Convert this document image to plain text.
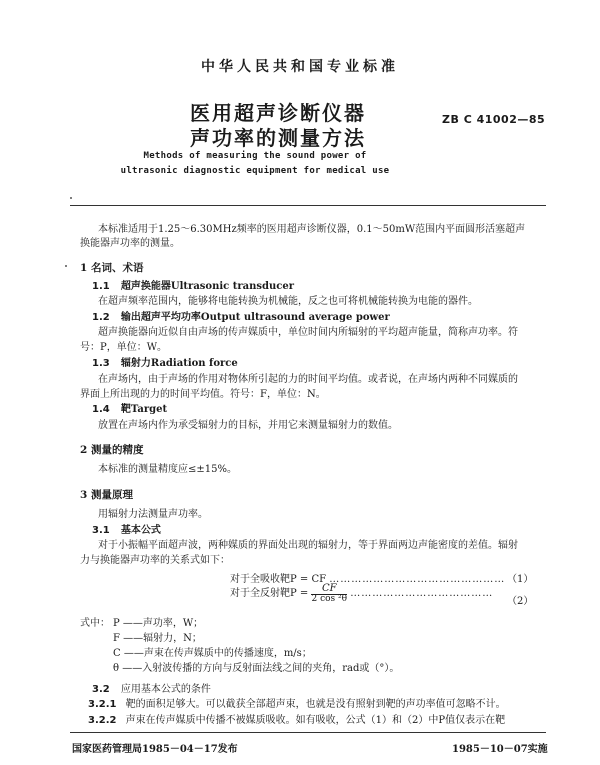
中华人民共和国专业标准
医用超声诊断仪器
声功率的测量方法
ZB C 41002—85
Methods of measuring the sound power of
ultrasonic diagnostic equipment for medical use
本标准适用于1.25～6.30MHz频率的医用超声诊断仪器，0.1～50mW范围内平面圆形活塞超声
换能器声功率的测量。
1 名词、术语
1.1 超声换能器Ultrasonic transducer
在超声频率范围内，能够将电能转换为机械能，反之也可将机械能转换为电能的器件。
1.2 输出超声平均功率Output ultrasound average power
超声换能器向近似自由声场的传声媒质中，单位时间内所辐射的平均超声能量，简称声功率。符
号：P，单位：W。
1.3 辐射力Radiation force
在声场内，由于声场的作用对物体所引起的力的时间平均值。或者说，在声场内两种不同媒质的
界面上所出现的力的时间平均值。符号：F，单位：N。
1.4 靶Target
放置在声场内作为承受辐射力的目标，并用它来测量辐射力的数值。
2 测量的精度
本标准的测量精度应≤±15%。
3 测量原理
用辐射力法测量声功率。
3.1 基本公式
对于小振幅平面超声波，两种媒质的界面处出现的辐射力，等于界面两边声能密度的差值。辐射
力与换能器声功率的关系式如下：
对于全吸收靶P = CF ………………………………………… （1）
对于全反射靶$P = \frac{CF}{\text{2 cos ²θ}}$ …………………………………
（2）
式中： P ——声功率，W；
F ——辐射力，N；
C ——声束在传声媒质中的传播速度，m/s；
θ ——入射波传播的方向与反射面法线之间的夹角，rad或（°）。
3.2 应用基本公式的条件
3.2.1 靶的面积足够大。可以截获全部超声束，也就是没有照射到靶的声功率值可忽略不计。
3.2.2 声束在传声媒质中传播不被媒质吸收。如有吸收，公式（1）和（2）中P值仅表示在靶
国家医药管理局1985－04－17发布	1985－10－07实施
